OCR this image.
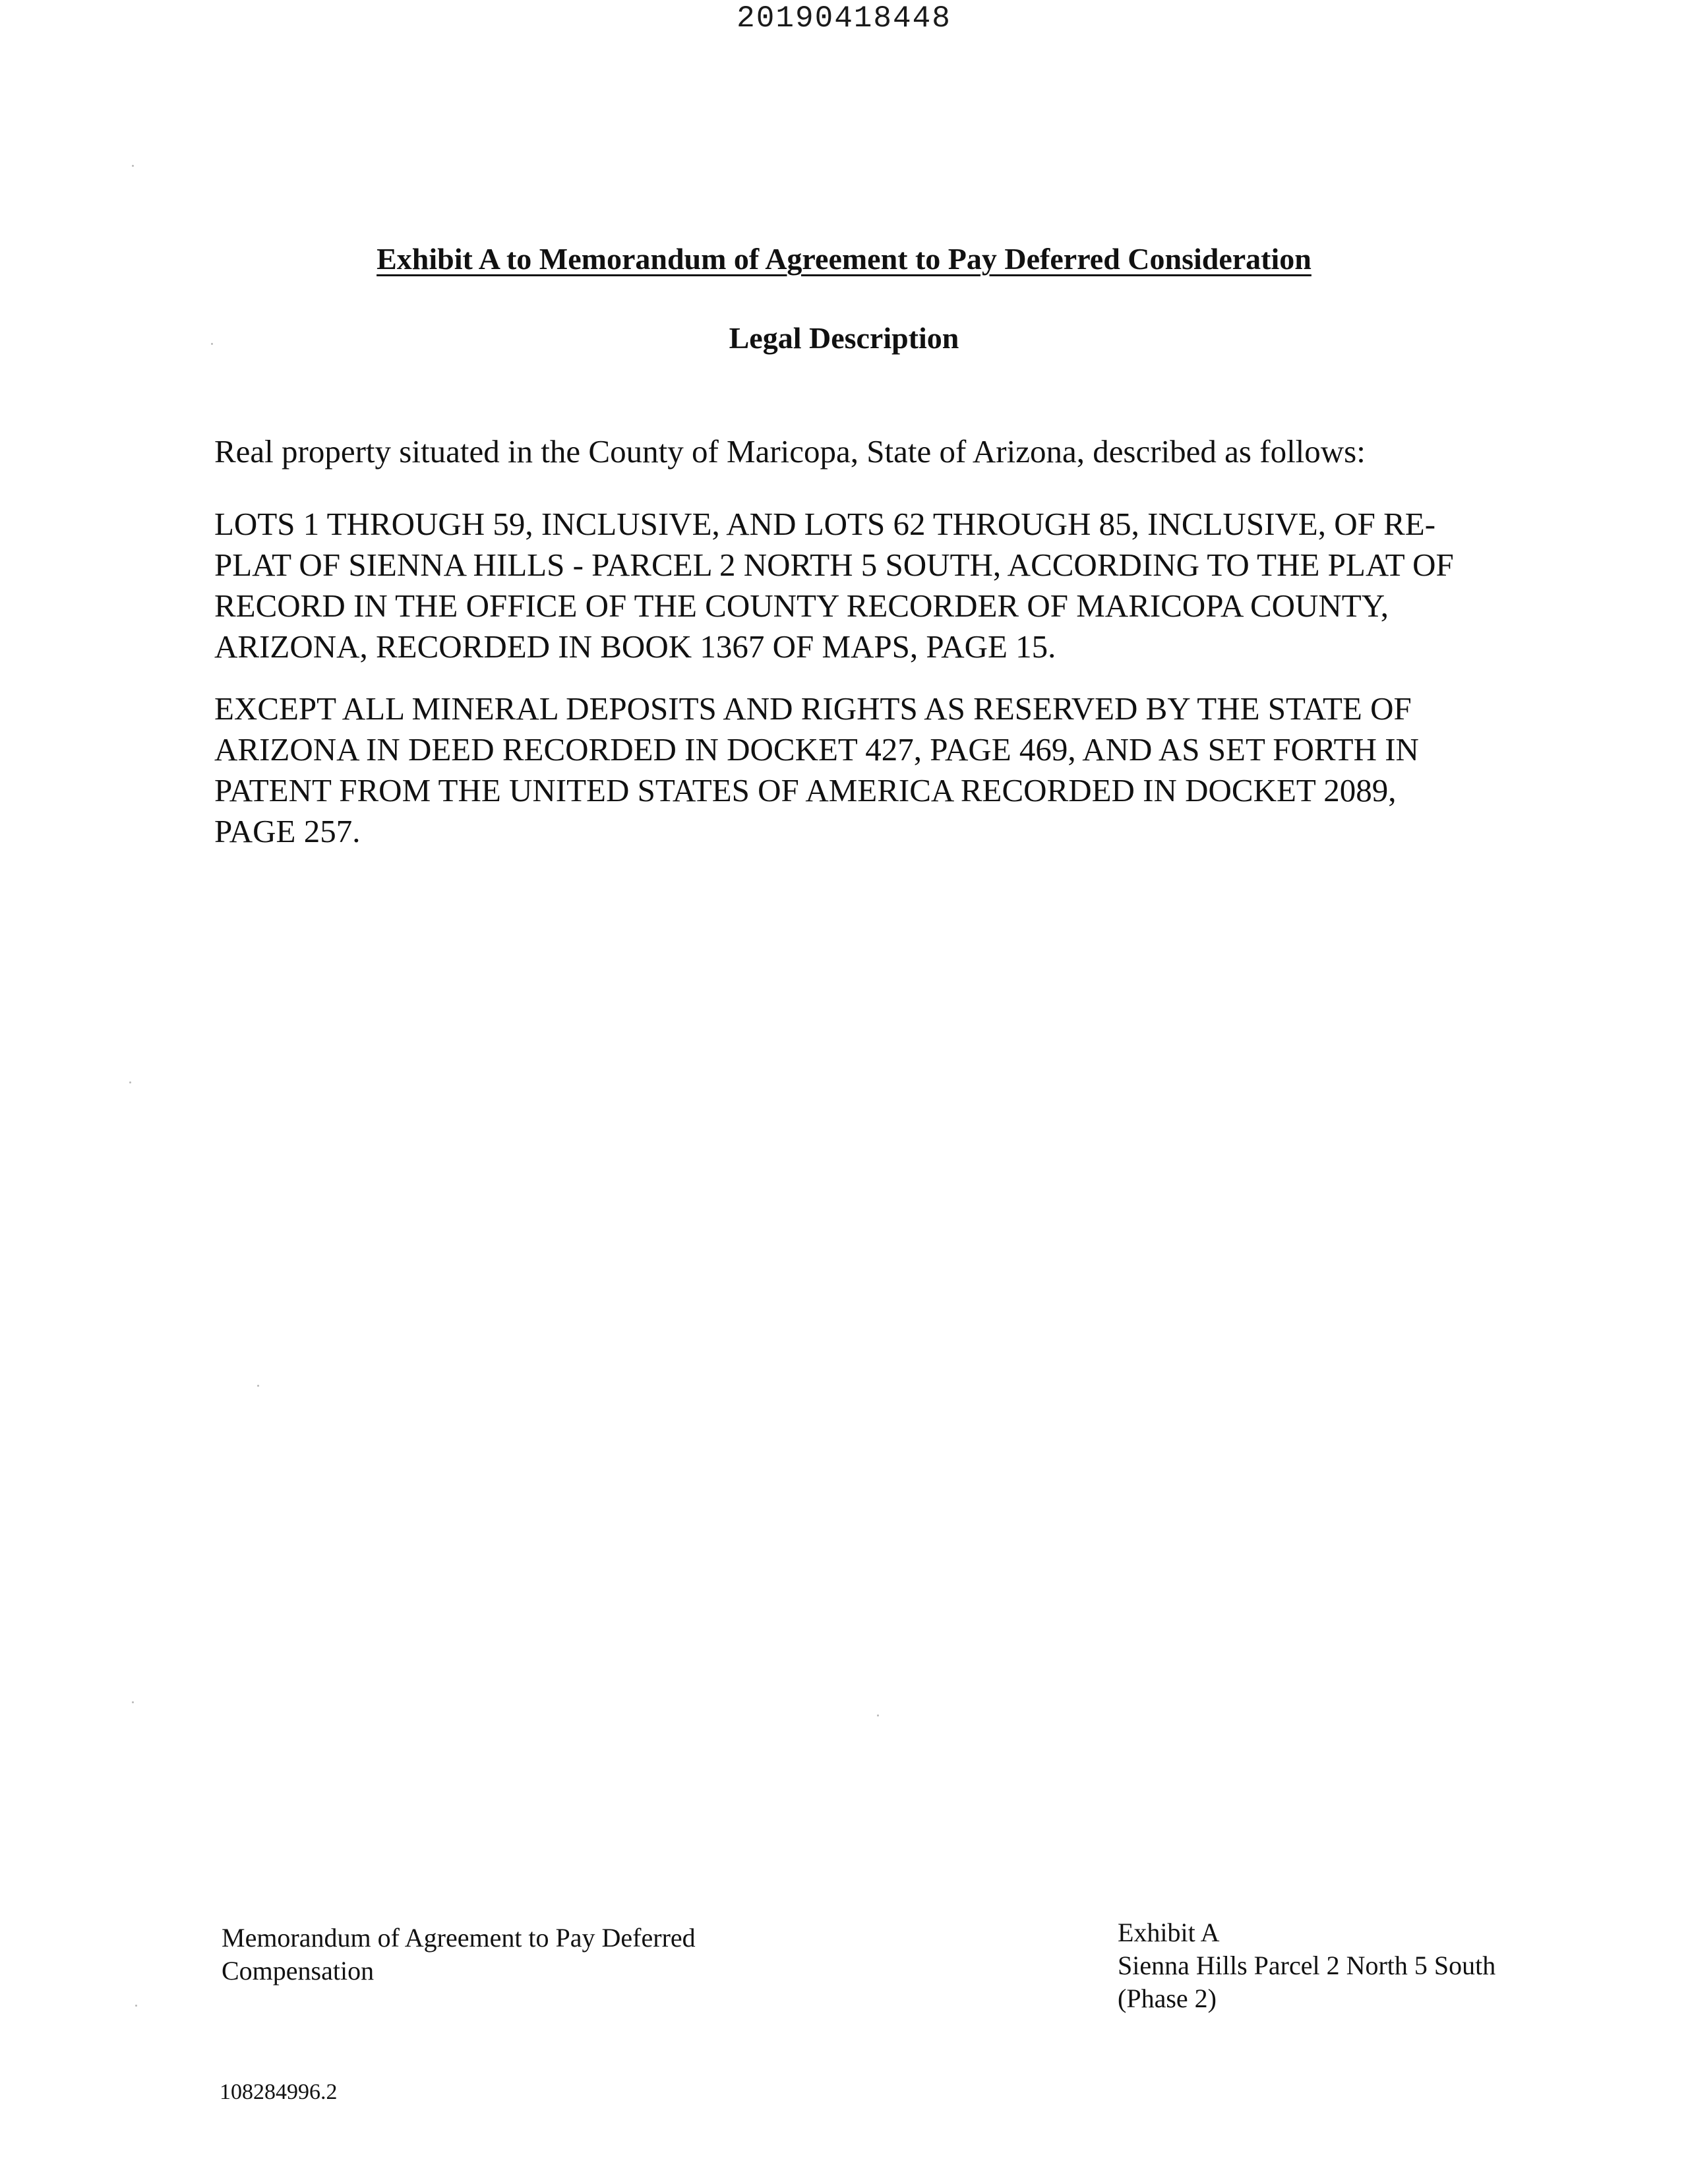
20190418448
Exhibit A to Memorandum of Agreement to Pay Deferred Consideration
Legal Description
Real property situated in the County of Maricopa, State of Arizona, described as follows:
LOTS 1 THROUGH 59, INCLUSIVE, AND LOTS 62 THROUGH 85, INCLUSIVE, OF RE-
PLAT OF SIENNA HILLS - PARCEL 2 NORTH 5 SOUTH, ACCORDING TO THE PLAT OF
RECORD IN THE OFFICE OF THE COUNTY RECORDER OF MARICOPA COUNTY,
ARIZONA, RECORDED IN BOOK 1367 OF MAPS, PAGE 15.
EXCEPT ALL MINERAL DEPOSITS AND RIGHTS AS RESERVED BY THE STATE OF
ARIZONA IN DEED RECORDED IN DOCKET 427, PAGE 469, AND AS SET FORTH IN
PATENT FROM THE UNITED STATES OF AMERICA RECORDED IN DOCKET 2089,
PAGE 257.
Memorandum of Agreement to Pay Deferred
Compensation
Exhibit A
Sienna Hills Parcel 2 North 5 South
(Phase 2)
108284996.2
